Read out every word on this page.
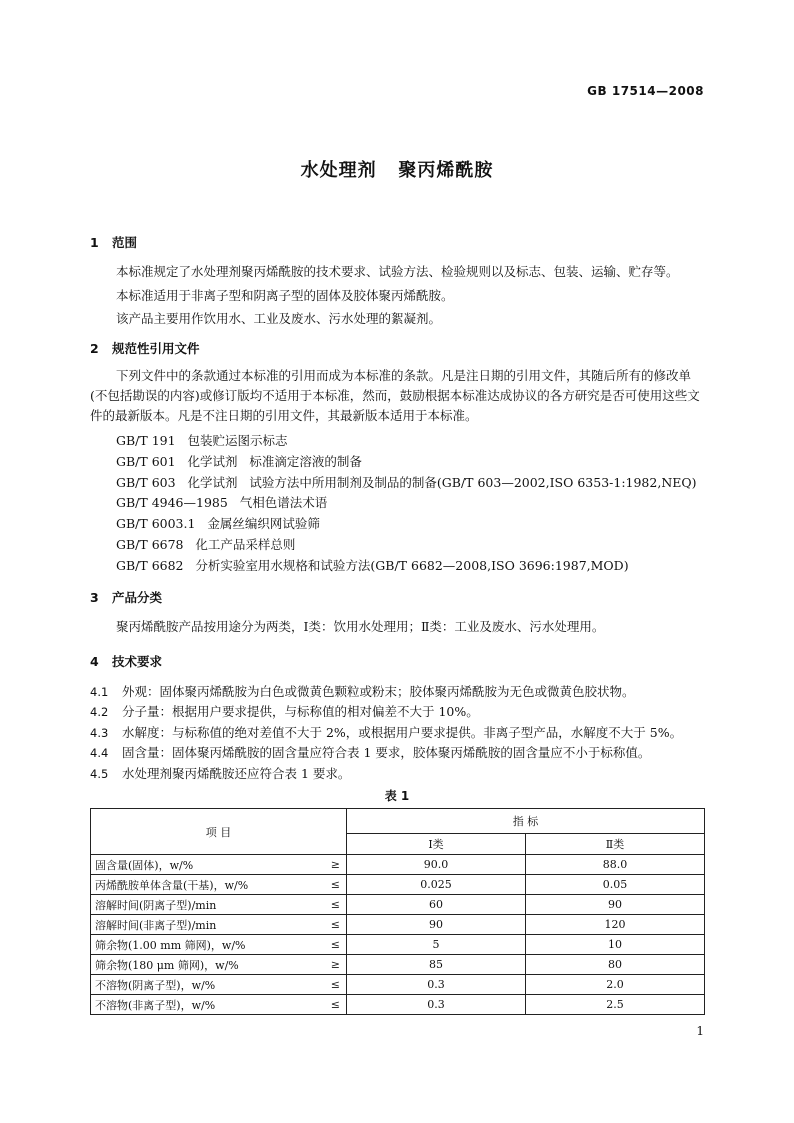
GB 17514—2008
水处理剂   聚丙烯酰胺
1 范围
本标准规定了水处理剂聚丙烯酰胺的技术要求、试验方法、检验规则以及标志、包装、运输、贮存等。
本标准适用于非离子型和阴离子型的固体及胶体聚丙烯酰胺。
该产品主要用作饮用水、工业及废水、污水处理的絮凝剂。
2 规范性引用文件
下列文件中的条款通过本标准的引用而成为本标准的条款。凡是注日期的引用文件，其随后所有的修改单(不包括勘误的内容)或修订版均不适用于本标准，然而，鼓励根据本标准达成协议的各方研究是否可使用这些文件的最新版本。凡是不注日期的引用文件，其最新版本适用于本标准。
GB/T 191   包装贮运图示标志
GB/T 601   化学试剂   标准滴定溶液的制备
GB/T 603   化学试剂   试验方法中所用制剂及制品的制备(GB/T 603—2002,ISO 6353-1:1982,NEQ)
GB/T 4946—1985   气相色谱法术语
GB/T 6003.1   金属丝编织网试验筛
GB/T 6678   化工产品采样总则
GB/T 6682   分析实验室用水规格和试验方法(GB/T 6682—2008,ISO 3696:1987,MOD)
3 产品分类
聚丙烯酰胺产品按用途分为两类，Ⅰ类：饮用水处理用；Ⅱ类：工业及废水、污水处理用。
4 技术要求
4.1 外观：固体聚丙烯酰胺为白色或微黄色颗粒或粉末；胶体聚丙烯酰胺为无色或微黄色胶状物。
4.2 分子量：根据用户要求提供，与标称值的相对偏差不大于 10%。
4.3 水解度：与标称值的绝对差值不大于 2%，或根据用户要求提供。非离子型产品，水解度不大于 5%。
4.4 固含量：固体聚丙烯酰胺的固含量应符合表 1 要求，胶体聚丙烯酰胺的固含量应不小于标称值。
4.5 水处理剂聚丙烯酰胺还应符合表 1 要求。
表 1
项 目		指 标	
		Ⅰ类	Ⅱ类
固含量(固体)，w/%	≥	90.0	88.0
丙烯酰胺单体含量(干基)，w/%	≤	0.025	0.05
溶解时间(阴离子型)/min	≤	60	90
溶解时间(非离子型)/min	≤	90	120
筛余物(1.00 mm 筛网)，w/%	≤	5	10
筛余物(180 μm 筛网)，w/%	≥	85	80
不溶物(阴离子型)，w/%	≤	0.3	2.0
不溶物(非离子型)，w/%	≤	0.3	2.5
1
